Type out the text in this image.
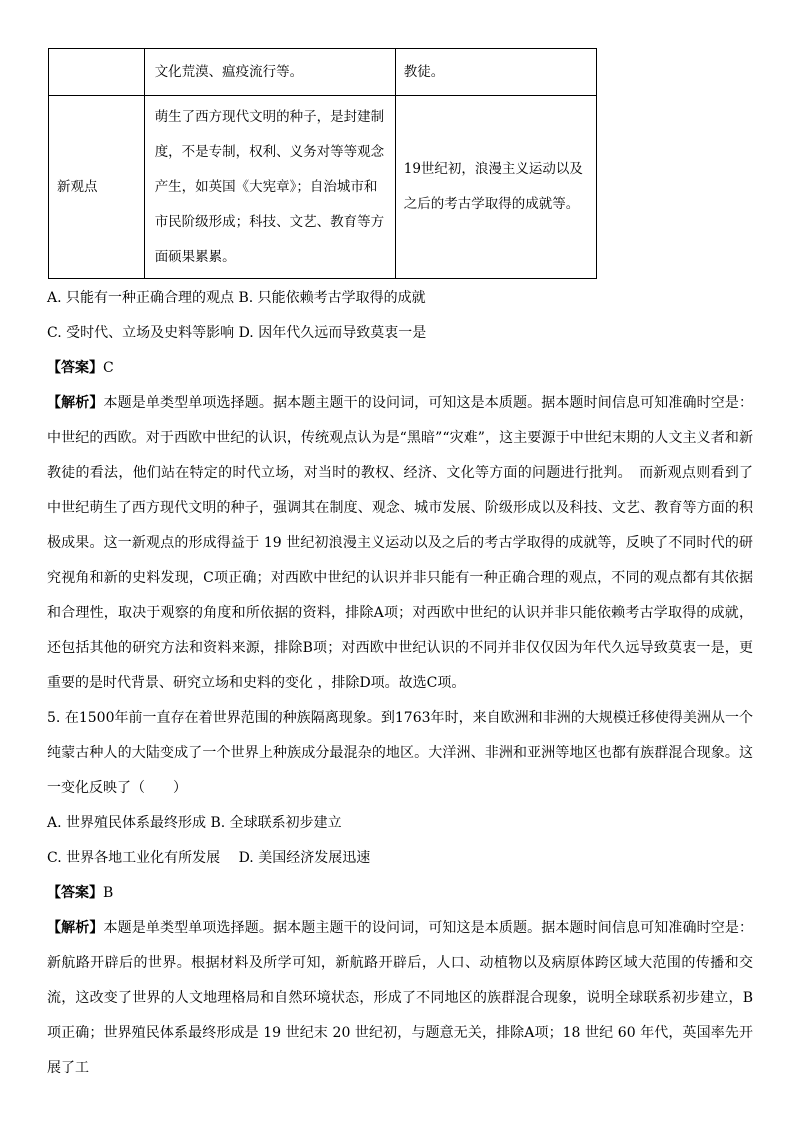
	文化荒漠、瘟疫流行等。	教徒。
新观点	萌生了西方现代文明的种子，是封建制度，不是专制，权利、义务对等等观念产生，如英国《大宪章》；自治城市和市民阶级形成；科技、文艺、教育等方面硕果累累。	19世纪初，浪漫主义运动以及之后的考古学取得的成就等。

A. 只能有一种正确合理的观点 B. 只能依赖考古学取得的成就

C. 受时代、立场及史料等影响 D. 因年代久远而导致莫衷一是

【答案】C

【解析】本题是单类型单项选择题。据本题主题干的设问词，可知这是本质题。据本题时间信息可知准确时空是：中世纪的西欧。对于西欧中世纪的认识，传统观点认为是“黑暗”“灾难”，这主要源于中世纪末期的人文主义者和新教徒的看法，他们站在特定的时代立场，对当时的教权、经济、文化等方面的问题进行批判。　而新观点则看到了中世纪萌生了西方现代文明的种子，强调其在制度、观念、城市发展、阶级形成以及科技、文艺、教育等方面的积极成果。这一新观点的形成得益于 19 世纪初浪漫主义运动以及之后的考古学取得的成就等，反映了不同时代的研究视角和新的史料发现，C项正确；对西欧中世纪的认识并非只能有一种正确合理的观点，不同的观点都有其依据和合理性，取决于观察的角度和所依据的资料，排除A项；对西欧中世纪的认识并非只能依赖考古学取得的成就，还包括其他的研究方法和资料来源，排除B项；对西欧中世纪认识的不同并非仅仅因为年代久远导致莫衷一是，更重要的是时代背景、研究立场和史料的变化 ，排除D项。故选C项。

5. 在1500年前一直存在着世界范围的种族隔离现象。到1763年时，来自欧洲和非洲的大规模迁移使得美洲从一个纯蒙古种人的大陆变成了一个世界上种族成分最混杂的地区。大洋洲、非洲和亚洲等地区也都有族群混合现象。这一变化反映了（　　）

A. 世界殖民体系最终形成 B. 全球联系初步建立

C. 世界各地工业化有所发展　 D. 美国经济发展迅速

【答案】B

【解析】本题是单类型单项选择题。据本题主题干的设问词，可知这是本质题。据本题时间信息可知准确时空是：新航路开辟后的世界。根据材料及所学可知，新航路开辟后，人口、动植物以及病原体跨区域大范围的传播和交流，这改变了世界的人文地理格局和自然环境状态，形成了不同地区的族群混合现象，说明全球联系初步建立，B项正确；世界殖民体系最终形成是 19 世纪末 20 世纪初，与题意无关，排除A项；18 世纪 60 年代，英国率先开展了工
